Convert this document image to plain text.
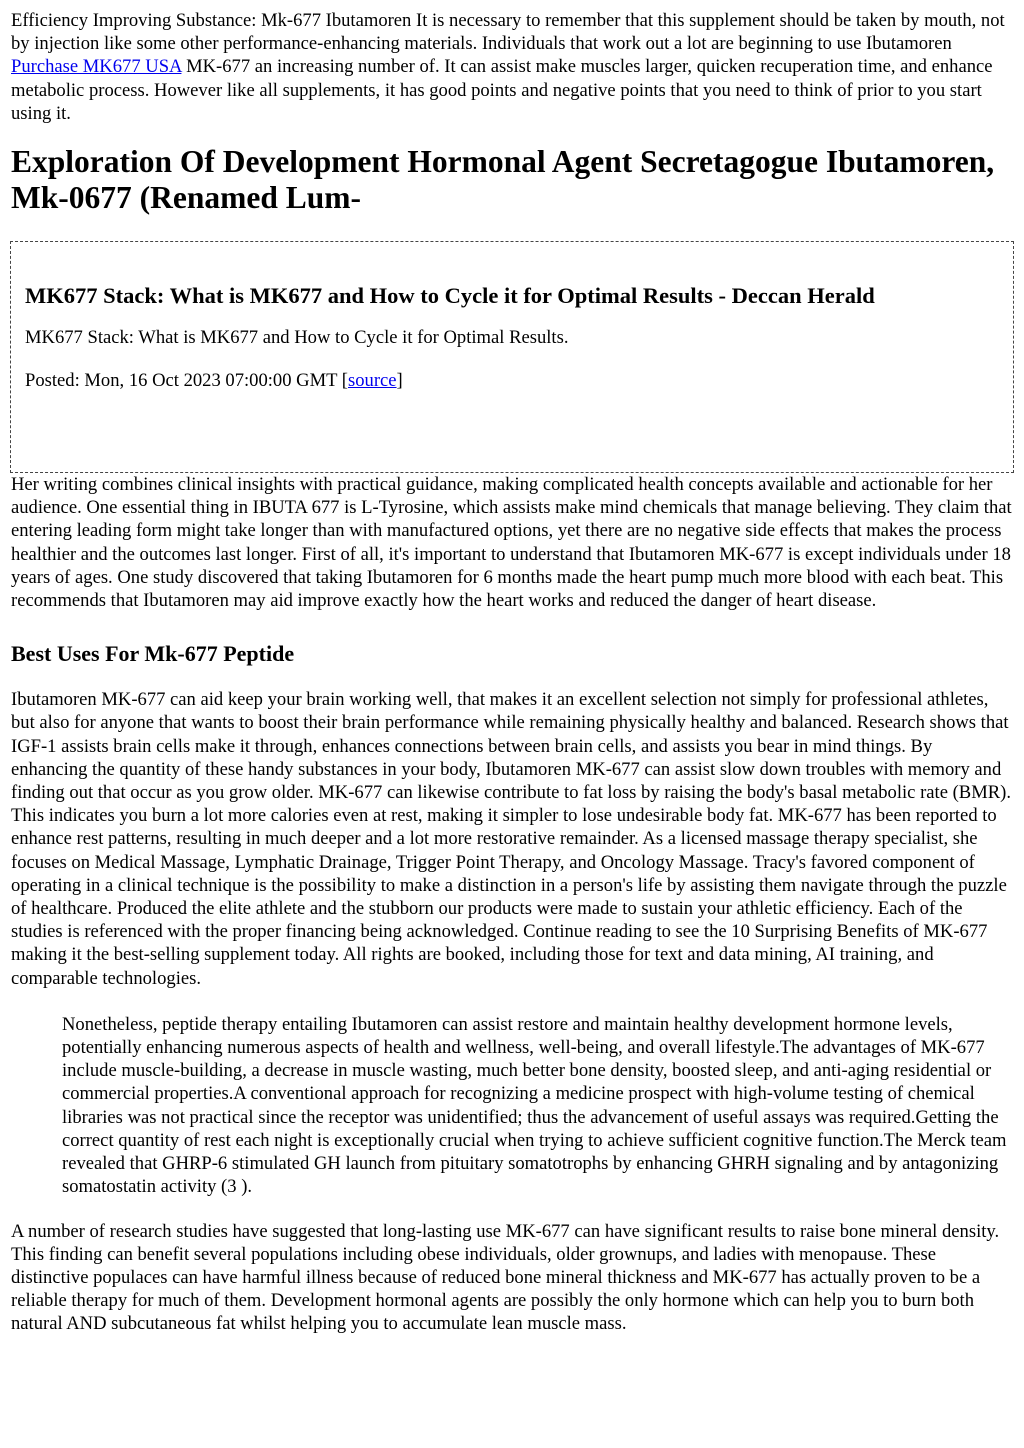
Efficiency Improving Substance: Mk-677 Ibutamoren It is necessary to remember that this supplement should be taken by mouth, not by injection like some other performance-enhancing materials. Individuals that work out a lot are beginning to use Ibutamoren Purchase MK677 USA MK-677 an increasing number of. It can assist make muscles larger, quicken recuperation time, and enhance metabolic process. However like all supplements, it has good points and negative points that you need to think of prior to you start using it.

Exploration Of Development Hormonal Agent Secretagogue Ibutamoren, Mk-0677 (Renamed Lum-
MK677 Stack: What is MK677 and How to Cycle it for Optimal Results - Deccan Herald

MK677 Stack: What is MK677 and How to Cycle it for Optimal Results.

Posted: Mon, 16 Oct 2023 07:00:00 GMT [source]

Her writing combines clinical insights with practical guidance, making complicated health concepts available and actionable for her audience. One essential thing in IBUTA 677 is L-Tyrosine, which assists make mind chemicals that manage believing. They claim that entering leading form might take longer than with manufactured options, yet there are no negative side effects that makes the process healthier and the outcomes last longer. First of all, it's important to understand that Ibutamoren MK-677 is except individuals under 18 years of ages. One study discovered that taking Ibutamoren for 6 months made the heart pump much more blood with each beat. This recommends that Ibutamoren may aid improve exactly how the heart works and reduced the danger of heart disease.

Best Uses For Mk-677 Peptide

Ibutamoren MK-677 can aid keep your brain working well, that makes it an excellent selection not simply for professional athletes, but also for anyone that wants to boost their brain performance while remaining physically healthy and balanced. Research shows that IGF-1 assists brain cells make it through, enhances connections between brain cells, and assists you bear in mind things. By enhancing the quantity of these handy substances in your body, Ibutamoren MK-677 can assist slow down troubles with memory and finding out that occur as you grow older. MK-677 can likewise contribute to fat loss by raising the body's basal metabolic rate (BMR). This indicates you burn a lot more calories even at rest, making it simpler to lose undesirable body fat. MK-677 has been reported to enhance rest patterns, resulting in much deeper and a lot more restorative remainder. As a licensed massage therapy specialist, she focuses on Medical Massage, Lymphatic Drainage, Trigger Point Therapy, and Oncology Massage. Tracy's favored component of operating in a clinical technique is the possibility to make a distinction in a person's life by assisting them navigate through the puzzle of healthcare. Produced the elite athlete and the stubborn our products were made to sustain your athletic efficiency. Each of the studies is referenced with the proper financing being acknowledged. Continue reading to see the 10 Surprising Benefits of MK-677 making it the best-selling supplement today. All rights are booked, including those for text and data mining, AI training, and comparable technologies.

Nonetheless, peptide therapy entailing Ibutamoren can assist restore and maintain healthy development hormone levels, potentially enhancing numerous aspects of health and wellness, well-being, and overall lifestyle.The advantages of MK-677 include muscle-building, a decrease in muscle wasting, much better bone density, boosted sleep, and anti-aging residential or commercial properties.A conventional approach for recognizing a medicine prospect with high-volume testing of chemical libraries was not practical since the receptor was unidentified; thus the advancement of useful assays was required.Getting the correct quantity of rest each night is exceptionally crucial when trying to achieve sufficient cognitive function.The Merck team revealed that GHRP-6 stimulated GH launch from pituitary somatotrophs by enhancing GHRH signaling and by antagonizing somatostatin activity (3 ).

A number of research studies have suggested that long-lasting use MK-677 can have significant results to raise bone mineral density. This finding can benefit several populations including obese individuals, older grownups, and ladies with menopause. These distinctive populaces can have harmful illness because of reduced bone mineral thickness and MK-677 has actually proven to be a reliable therapy for much of them. Development hormonal agents are possibly the only hormone which can help you to burn both natural AND subcutaneous fat whilst helping you to accumulate lean muscle mass.
